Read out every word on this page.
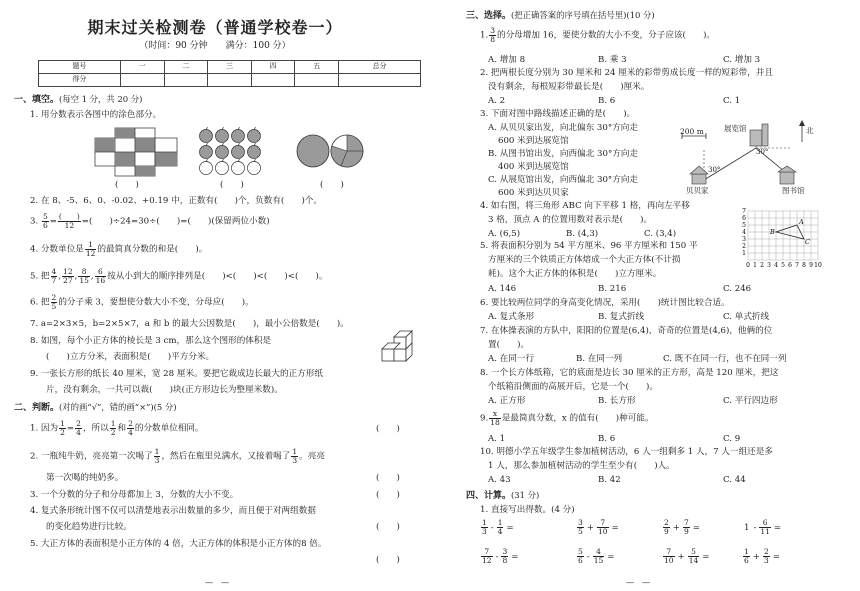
期末过关检测卷（普通学校卷一）
（时间：90 分钟　　满分：100 分）
题号	一	二	三	四	五	总分
得分						
一、填空。(每空 1 分，共 20 分)
1. 用分数表示各图中的涂色部分。
(　　)	(　　)	(　　)
2. 在 8、-5、6、0、-0.02、+0.19 中，正数有(　　)个，负数有(　　)个。
3. $\frac{5}{6} = \frac{( )}{12}$ =(　　)÷24=30÷(　　)=(　　)(保留两位小数)
4. 分数单位是 $\frac{1}{12}$ 的最简真分数的和是(　　)。
5. 把 $\frac{4}{7}$ , $\frac{12}{27}$ , $\frac{8}{15}$ , $\frac{6}{16}$ 按从小到大的顺序排列是(　　)<(　　)<(　　)<(　　)。
6. 把 $\frac{2}{5}$ 的分子乘 3，要想使分数大小不变，分母应(　　)。
7. a=2×3×5，b=2×5×7，a 和 b 的最大公因数是(　　)，最小公倍数是(　　)。
8. 如图，每个小正方体的棱长是 3 cm，那么这个图形的体积是
(　　)立方分米，表面积是(　　)平方分米。
9. 一张长方形的纸长 40 厘米，宽 28 厘米。要把它裁成边长最大的正方形纸
片，没有剩余，一共可以裁(　　)块(正方形边长为整厘米数)。
二、判断。(对的画“√”，错的画“×”)(5 分)
1. 因为 $\frac{1}{2} = \frac{2}{4}$ ，所以 $\frac{1}{2}$ 和 $\frac{2}{4}$ 的分数单位相同。	(　　)
2. 一瓶纯牛奶，亮亮第一次喝了 $\frac{1}{3}$ ，然后在瓶里兑满水，又接着喝了 $\frac{1}{3}$ 。亮亮
第一次喝的纯奶多。	(　　)
3. 一个分数的分子和分母都加上 3，分数的大小不变。	(　　)
4. 复式条形统计图不仅可以清楚地表示出数量的多少，而且便于对两组数据
的变化趋势进行比较。	(　　)
5. 大正方体的表面积是小正方体的 4 倍，大正方体的体积是小正方体的8 倍。
(　　)
—　—
三、选择。(把正确答案的序号填在括号里)(10 分)
1. $\frac{3}{8}$ 的分母增加 16，要使分数的大小不变，分子应该(　　)。
A. 增加 8	B. 乘 3	C. 增加 3
2. 把两根长度分别为 30 厘米和 24 厘米的彩带剪成长度一样的短彩带，并且
没有剩余，每根短彩带最长是(　　)厘米。
A. 2	B. 6	C. 1
3. 下面对图中路线描述正确的是(　　)。
A. 从贝贝家出发，向北偏东 30°方向走
600 米到达展览馆
B. 从图书馆出发，向西偏北 30°方向走
400 米到达展览馆
C. 从展览馆出发，向西偏北 30°方向走
600 米到达贝贝家
200 m	展览馆	北
30°
30°
贝贝家	图书馆
4. 如右图，将三角形 ABC 向下平移 1 格，再向左平移
3 格，顶点 A 的位置用数对表示是(　　)。
A. (6,5)	B. (4,3)	C. (3,4)
0 1 2 3 4 5 6 7 8 9 10
1
2
3
4
5
6
7
A
B
C
5. 将表面积分别为 54 平方厘米、96 平方厘米和 150 平
方厘米的三个铁质正方体熔成一个大正方体(不计损
耗)。这个大正方体的体积是(　　)立方厘米。
A. 146	B. 216	C. 246
6. 要比较两位同学的身高变化情况，采用(　　)统计图比较合适。
A. 复式条形	B. 复式折线	C. 单式折线
7. 在体操表演的方队中，阳阳的位置是(6,4)，奇奇的位置是(4,6)，他俩的位
置(　　)。
A. 在同一行	B. 在同一列	C. 既不在同一行，也不在同一列
8. 一个长方体纸箱，它的底面是边长 30 厘米的正方形，高是 120 厘米，把这
个纸箱沿侧面的高展开后，它是一个(　　)。
A. 正方形	B. 长方形	C. 平行四边形
9. $\frac{x}{18}$ 是最简真分数，x 的值有(　　)种可能。
A. 1	B. 6	C. 9
10. 明德小学五年级学生参加植树活动，6 人一组剩多 1 人，7 人一组还是多
1 人，那么参加植树活动的学生至少有(　　)人。
A. 43	B. 42	C. 44
四、计算。(31 分)
1. 直接写出得数。(4 分)
$\frac{1}{3} - \frac{1}{4}$ =	$\frac{3}{5} + \frac{7}{10}$ =	$\frac{2}{9} + \frac{7}{9}$ =	$1 - \frac{6}{11}$ =
$\frac{7}{12} - \frac{3}{8}$ =	$\frac{5}{6} - \frac{4}{15}$ =	$\frac{7}{10} + \frac{5}{14}$ =	$\frac{1}{6} + \frac{2}{3}$ =
—　—
